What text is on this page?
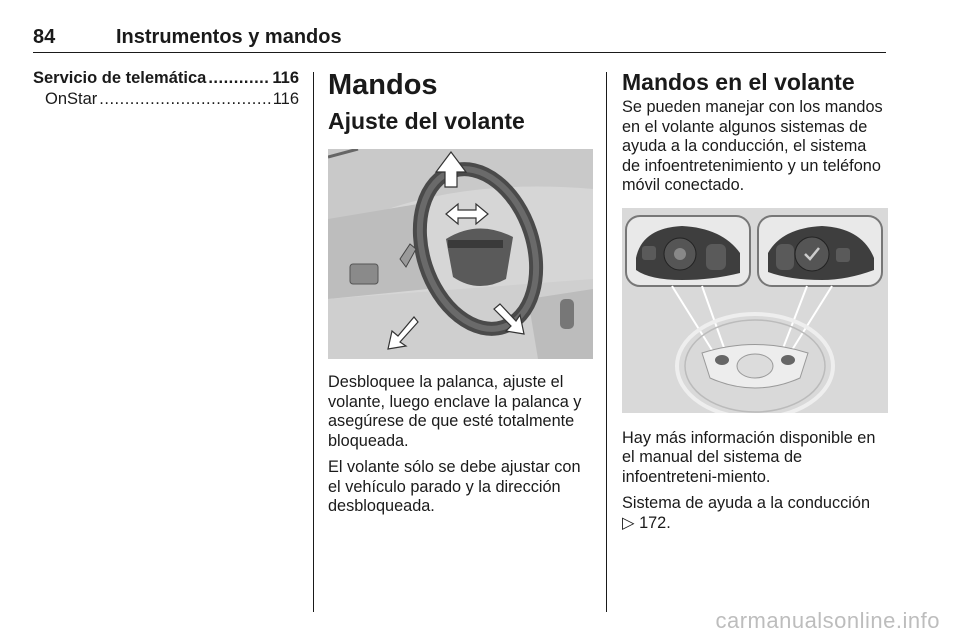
84	Instrumentos y mandos
Servicio de telemática .....	116
OnStar .....	116 Mandos
Ajuste del volante

Desbloquee la palanca, ajuste el volante, luego enclave la palanca y asegúrese de que esté totalmente bloqueada.

El volante sólo se debe ajustar con el vehículo parado y la dirección desbloqueada.

Mandos en el volante

Se pueden manejar con los mandos en el volante algunos sistemas de ayuda a la conducción, el sistema de infoentretenimiento y un teléfono móvil conectado.

Hay más información disponible en el manual del sistema de infoentreteni-miento.

Sistema de ayuda a la conducción
▷ 172.

carmanualsonline.info
